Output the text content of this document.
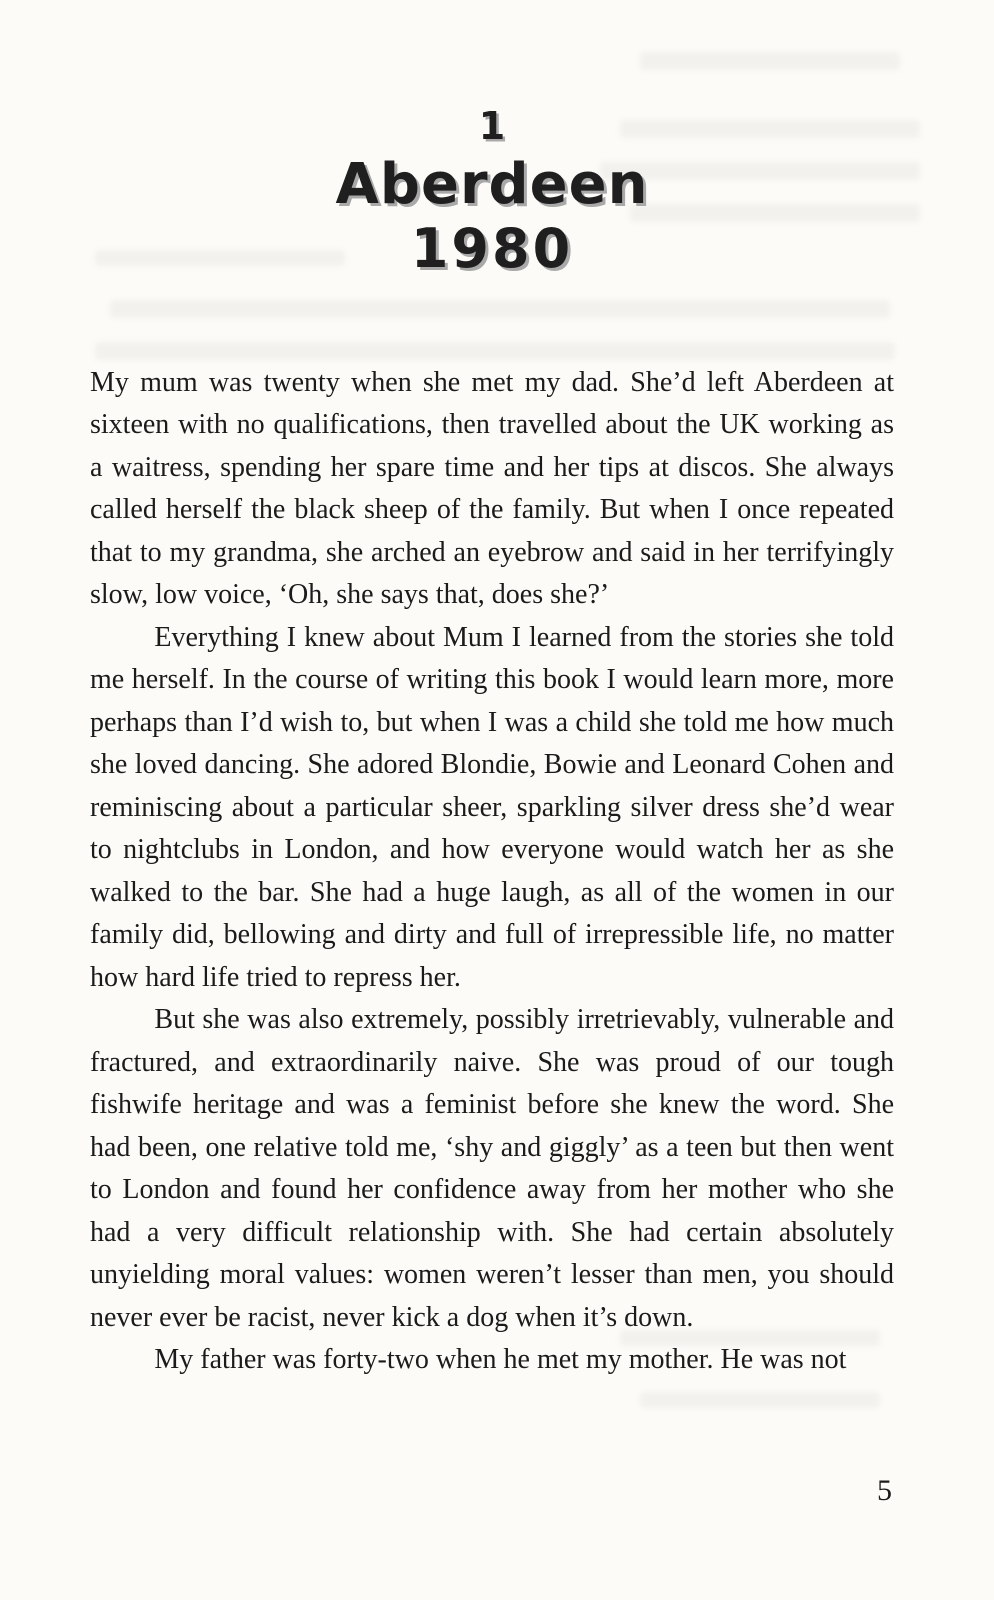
1
Aberdeen
1980

My mum was twenty when she met my dad. She’d left Aberdeen at sixteen with no qualifications, then travelled about the UK working as a waitress, spending her spare time and her tips at discos. She always called herself the black sheep of the family. But when I once repeated that to my grandma, she arched an eyebrow and said in her terrifyingly slow, low voice, ‘Oh, she says that, does she?’

Everything I knew about Mum I learned from the stories she told me herself. In the course of writing this book I would learn more, more perhaps than I’d wish to, but when I was a child she told me how much she loved dancing. She adored Blondie, Bowie and Leonard Cohen and reminiscing about a particular sheer, sparkling silver dress she’d wear to nightclubs in London, and how everyone would watch her as she walked to the bar. She had a huge laugh, as all of the women in our family did, bellowing and dirty and full of irrepressible life, no matter how hard life tried to repress her.

But she was also extremely, possibly irretrievably, vulnerable and fractured, and extraordinarily naive. She was proud of our tough fishwife heritage and was a feminist before she knew the word. She had been, one relative told me, ‘shy and giggly’ as a teen but then went to London and found her confidence away from her mother who she had a very difficult relationship with. She had certain absolutely unyielding moral values: women weren’t lesser than men, you should never ever be racist, never kick a dog when it’s down.

My father was forty-two when he met my mother. He was not

5
